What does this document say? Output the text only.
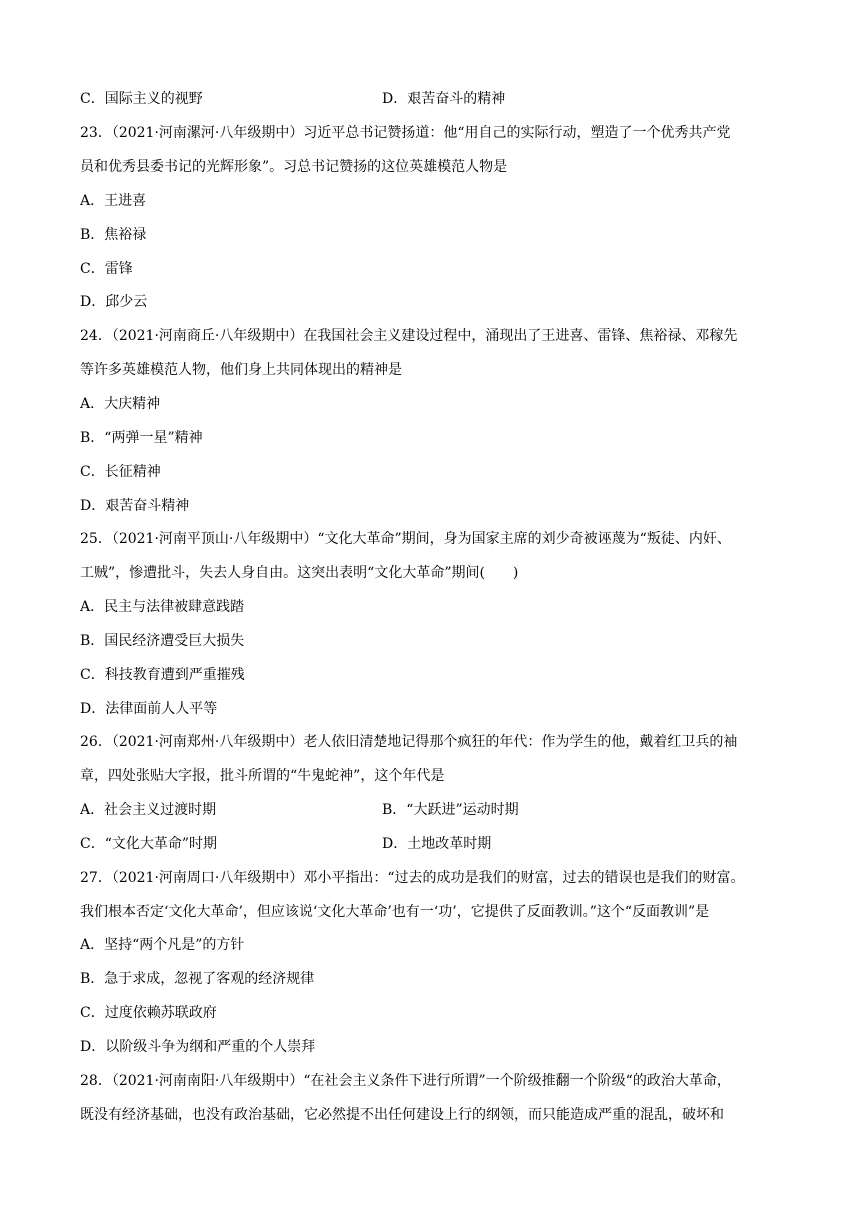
C．国际主义的视野	D．艰苦奋斗的精神
23．（2021·河南漯河·八年级期中）习近平总书记赞扬道：他“用自己的实际行动，塑造了一个优秀共产党
员和优秀县委书记的光辉形象”。习总书记赞扬的这位英雄模范人物是
A．王进喜
B．焦裕禄
C．雷锋
D．邱少云
24．（2021·河南商丘·八年级期中）在我国社会主义建设过程中，涌现出了王进喜、雷锋、焦裕禄、邓稼先
等许多英雄模范人物，他们身上共同体现出的精神是
A．大庆精神
B．“两弹一星”精神
C．长征精神
D．艰苦奋斗精神
25．（2021·河南平顶山·八年级期中）“文化大革命”期间，身为国家主席的刘少奇被诬蔑为“叛徒、内奸、
工贼”，惨遭批斗，失去人身自由。这突出表明“文化大革命”期间(　　)
A．民主与法律被肆意践踏
B．国民经济遭受巨大损失
C．科技教育遭到严重摧残
D．法律面前人人平等
26．（2021·河南郑州·八年级期中）老人依旧清楚地记得那个疯狂的年代：作为学生的他，戴着红卫兵的袖
章，四处张贴大字报，批斗所谓的“牛鬼蛇神”，这个年代是
A．社会主义过渡时期	B．“大跃进”运动时期
C．“文化大革命”时期	D．土地改革时期
27．（2021·河南周口·八年级期中）邓小平指出：“过去的成功是我们的财富，过去的错误也是我们的财富。
我们根本否定‘文化大革命’，但应该说‘文化大革命’也有一‘功’，它提供了反面教训。”这个“反面教训”是
A．坚持“两个凡是”的方针
B．急于求成，忽视了客观的经济规律
C．过度依赖苏联政府
D．以阶级斗争为纲和严重的个人崇拜
28．（2021·河南南阳·八年级期中）“在社会主义条件下进行所谓”一个阶级推翻一个阶级“的政治大革命，
既没有经济基础，也没有政治基础，它必然提不出任何建设上行的纲领，而只能造成严重的混乱，破坏和
